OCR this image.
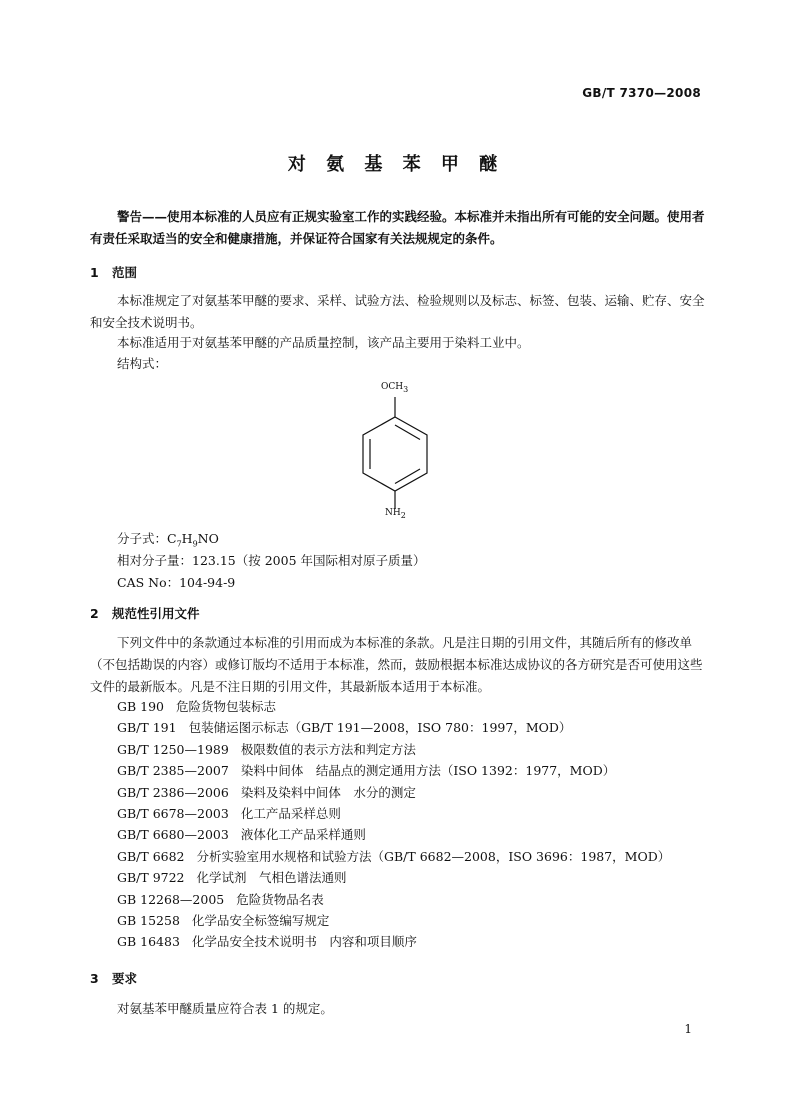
GB/T 7370—2008
对 氨 基 苯 甲 醚
警告——使用本标准的人员应有正规实验室工作的实践经验。本标准并未指出所有可能的安全问题。使用者有责任采取适当的安全和健康措施，并保证符合国家有关法规规定的条件。
1 范围
本标准规定了对氨基苯甲醚的要求、采样、试验方法、检验规则以及标志、标签、包装、运输、贮存、安全和安全技术说明书。
本标准适用于对氨基苯甲醚的产品质量控制，该产品主要用于染料工业中。
结构式：
$OCH_3$
$NH_2$
分子式：$C_7H_9NO$
相对分子量：123.15（按 2005 年国际相对原子质量）
CAS No：104-94-9
2 规范性引用文件
下列文件中的条款通过本标准的引用而成为本标准的条款。凡是注日期的引用文件，其随后所有的修改单（不包括勘误的内容）或修订版均不适用于本标准，然而，鼓励根据本标准达成协议的各方研究是否可使用这些文件的最新版本。凡是不注日期的引用文件，其最新版本适用于本标准。
GB 190 危险货物包装标志
GB/T 191 包装储运图示标志（GB/T 191—2008，ISO 780：1997，MOD）
GB/T 1250—1989 极限数值的表示方法和判定方法
GB/T 2385—2007 染料中间体　结晶点的测定通用方法（ISO 1392：1977，MOD）
GB/T 2386—2006 染料及染料中间体　水分的测定
GB/T 6678—2003 化工产品采样总则
GB/T 6680—2003 液体化工产品采样通则
GB/T 6682 分析实验室用水规格和试验方法（GB/T 6682—2008，ISO 3696：1987，MOD）
GB/T 9722 化学试剂　气相色谱法通则
GB 12268—2005 危险货物品名表
GB 15258 化学品安全标签编写规定
GB 16483 化学品安全技术说明书　内容和项目顺序
3 要求
对氨基苯甲醚质量应符合表 1 的规定。
1
